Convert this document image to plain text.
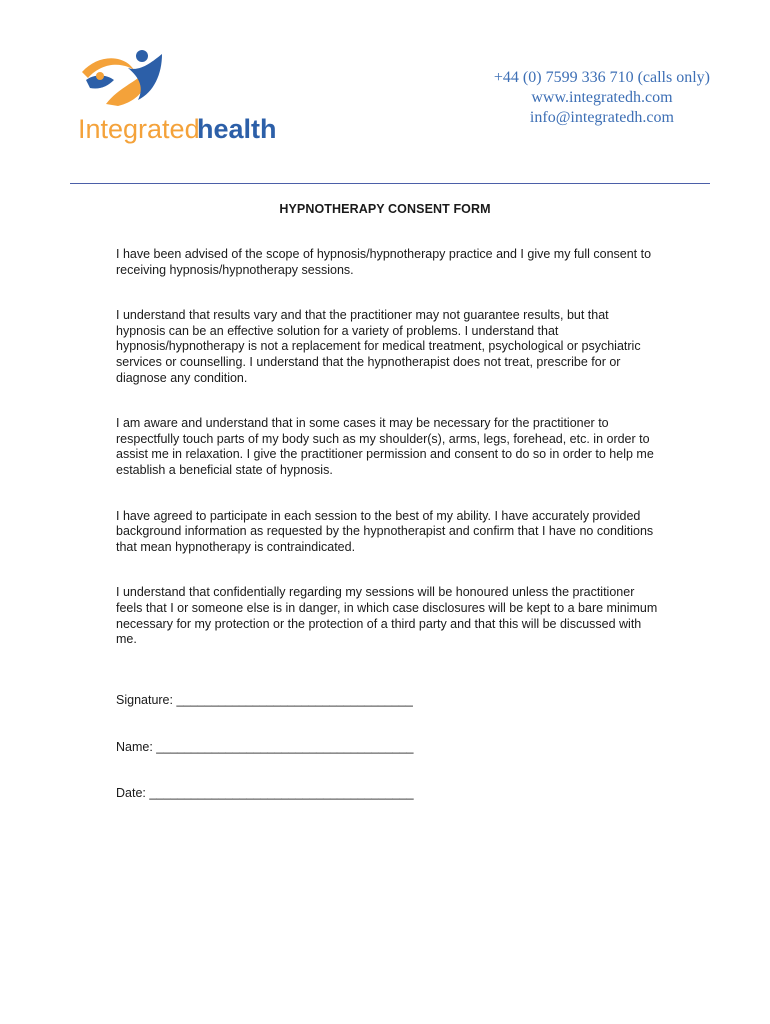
Integrated
health
+44 (0) 7599 336 710 (calls only)
www.integratedh.com
info@integratedh.com
HYPNOTHERAPY CONSENT FORM

I have been advised of the scope of hypnosis/hypnotherapy practice and I give my full consent to receiving hypnosis/hypnotherapy sessions.

I understand that results vary and that the practitioner may not guarantee results, but that hypnosis can be an effective solution for a variety of problems. I understand that hypnosis/hypnotherapy is not a replacement for medical treatment, psychological or psychiatric services or counselling. I understand that the hypnotherapist does not treat, prescribe for or diagnose any condition.

I am aware and understand that in some cases it may be necessary for the practitioner to respectfully touch parts of my body such as my shoulder(s), arms, legs, forehead, etc. in order to assist me in relaxation. I give the practitioner permission and consent to do so in order to help me establish a beneficial state of hypnosis.

I have agreed to participate in each session to the best of my ability. I have accurately provided background information as requested by the hypnotherapist and confirm that I have no conditions that mean hypnotherapy is contraindicated.

I understand that confidentially regarding my sessions will be honoured unless the practitioner feels that I or someone else is in danger, in which case disclosures will be kept to a bare minimum necessary for my protection or the protection of a third party and that this will be discussed with me.

Signature: __________________________________
Name: _____________________________________
Date: ______________________________________
